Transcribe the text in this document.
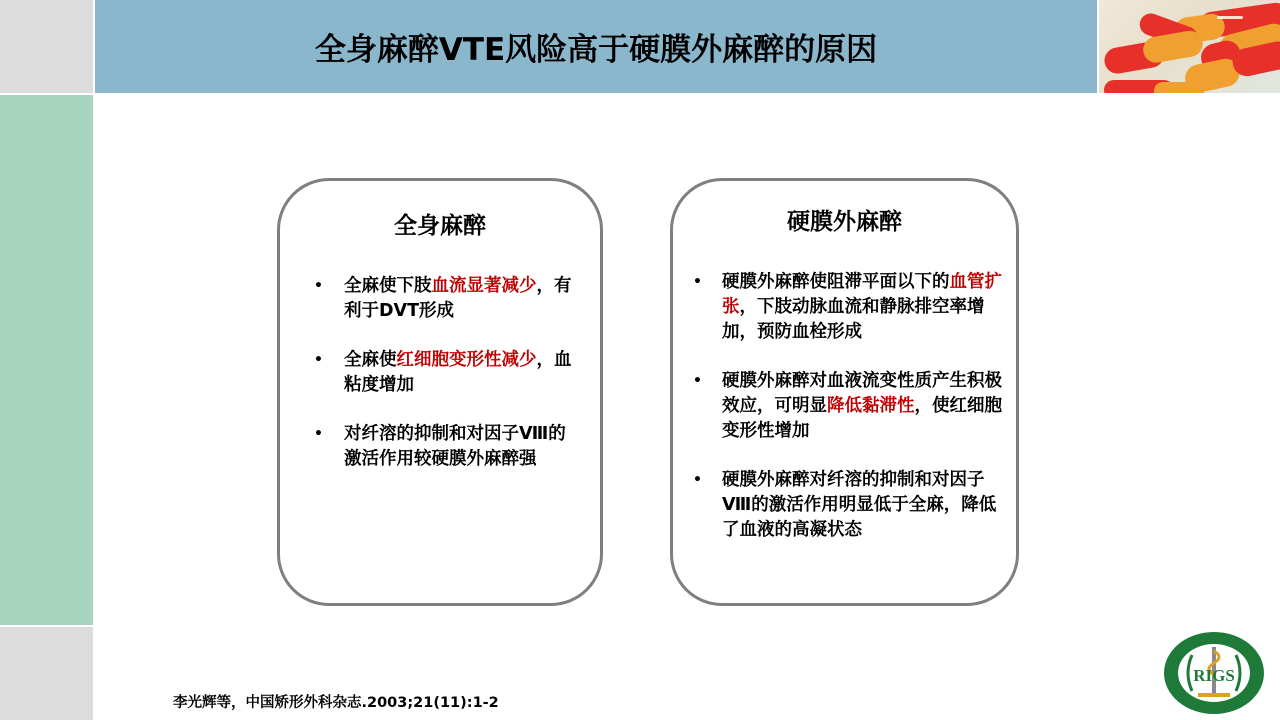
全身麻醉VTE风险高于硬膜外麻醉的原因
全身麻醉
• 全麻使下肢血流显著减少，有利于DVT形成
• 全麻使红细胞变形性减少，血粘度增加
• 对纤溶的抑制和对因子Ⅷ的激活作用较硬膜外麻醉强
硬膜外麻醉
• 硬膜外麻醉使阻滞平面以下的血管扩张，下肢动脉血流和静脉排空率增加，预防血栓形成
• 硬膜外麻醉对血液流变性质产生积极效应，可明显降低黏滞性，使红细胞变形性增加
• 硬膜外麻醉对纤溶的抑制和对因子Ⅷ的激活作用明显低于全麻，降低了血液的高凝状态
李光辉等，中国矫形外科杂志.2003;21(11):1-2
RIGS
